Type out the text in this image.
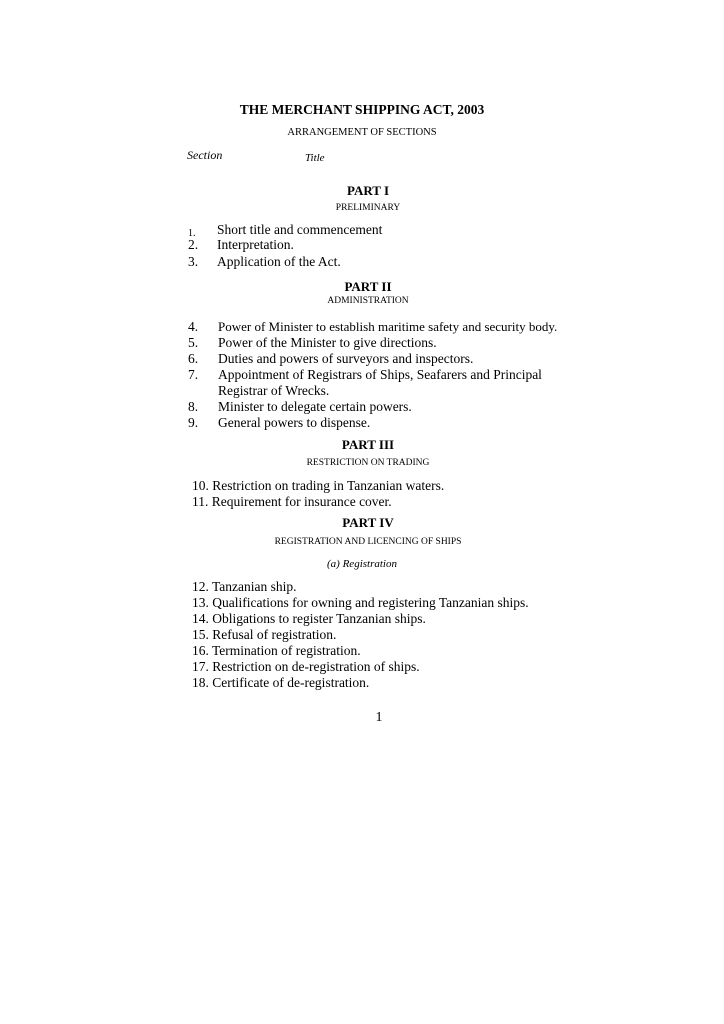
THE MERCHANT SHIPPING ACT, 2003
ARRANGEMENT OF SECTIONS
Section	Title
PART I
PRELIMINARY
1. Short title and commencement
2. Interpretation.
3. Application of the Act.
PART II
ADMINISTRATION
4. Power of Minister to establish maritime safety and security body.
5. Power of the Minister to give directions.
6. Duties and powers of surveyors and inspectors.
7. Appointment of Registrars of Ships, Seafarers and Principal
Registrar of Wrecks.
8. Minister to delegate certain powers.
9. General powers to dispense.
PART III
RESTRICTION ON TRADING
10. Restriction on trading in Tanzanian waters.
11. Requirement for insurance cover.
PART IV
REGISTRATION AND LICENCING OF SHIPS
(a) Registration
12. Tanzanian ship.
13. Qualifications for owning and registering Tanzanian ships.
14. Obligations to register Tanzanian ships.
15. Refusal of registration.
16. Termination of registration.
17. Restriction on de-registration of ships.
18. Certificate of de-registration.
1
